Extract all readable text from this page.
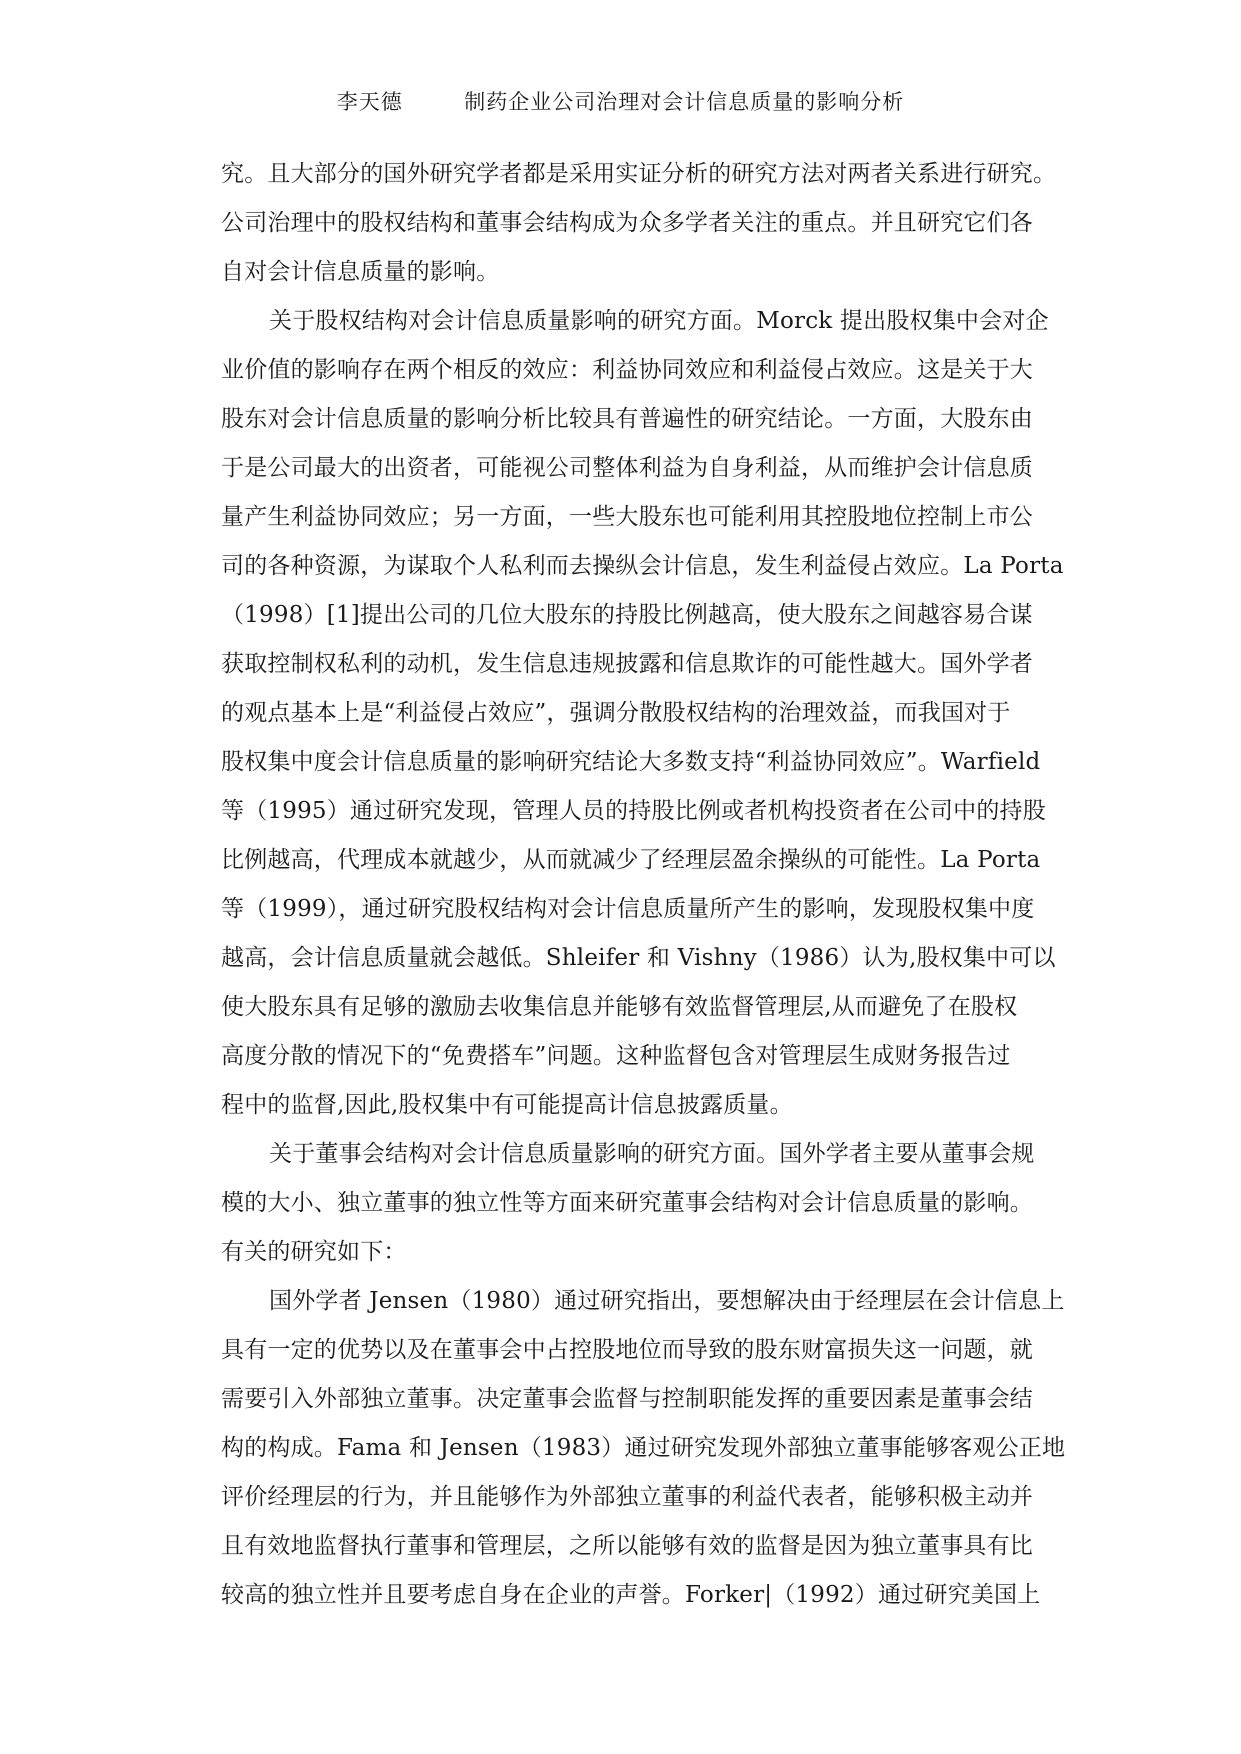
李天德	制药企业公司治理对会计信息质量的影响分析
究。且大部分的国外研究学者都是采用实证分析的研究方法对两者关系进行研究。
公司治理中的股权结构和董事会结构成为众多学者关注的重点。并且研究它们各
自对会计信息质量的影响。
关于股权结构对会计信息质量影响的研究方面。Morck 提出股权集中会对企
业价值的影响存在两个相反的效应：利益协同效应和利益侵占效应。这是关于大
股东对会计信息质量的影响分析比较具有普遍性的研究结论。一方面，大股东由
于是公司最大的出资者，可能视公司整体利益为自身利益，从而维护会计信息质
量产生利益协同效应；另一方面，一些大股东也可能利用其控股地位控制上市公
司的各种资源，为谋取个人私利而去操纵会计信息，发生利益侵占效应。La Porta
（1998）[1]提出公司的几位大股东的持股比例越高，使大股东之间越容易合谋
获取控制权私利的动机，发生信息违规披露和信息欺诈的可能性越大。国外学者
的观点基本上是“利益侵占效应”，强调分散股权结构的治理效益，而我国对于
股权集中度会计信息质量的影响研究结论大多数支持“利益协同效应”。Warfield
等（1995）通过研究发现，管理人员的持股比例或者机构投资者在公司中的持股
比例越高，代理成本就越少，从而就减少了经理层盈余操纵的可能性。La Porta
等（1999），通过研究股权结构对会计信息质量所产生的影响，发现股权集中度
越高，会计信息质量就会越低。Shleifer 和 Vishny（1986）认为,股权集中可以
使大股东具有足够的激励去收集信息并能够有效监督管理层,从而避免了在股权
高度分散的情况下的“免费搭车”问题。这种监督包含对管理层生成财务报告过
程中的监督,因此,股权集中有可能提高计信息披露质量。
关于董事会结构对会计信息质量影响的研究方面。国外学者主要从董事会规
模的大小、独立董事的独立性等方面来研究董事会结构对会计信息质量的影响。
有关的研究如下：
国外学者 Jensen（1980）通过研究指出，要想解决由于经理层在会计信息上
具有一定的优势以及在董事会中占控股地位而导致的股东财富损失这一问题，就
需要引入外部独立董事。决定董事会监督与控制职能发挥的重要因素是董事会结
构的构成。Fama 和 Jensen（1983）通过研究发现外部独立董事能够客观公正地
评价经理层的行为，并且能够作为外部独立董事的利益代表者，能够积极主动并
且有效地监督执行董事和管理层，之所以能够有效的监督是因为独立董事具有比
较高的独立性并且要考虑自身在企业的声誉。Forker|（1992）通过研究美国上
